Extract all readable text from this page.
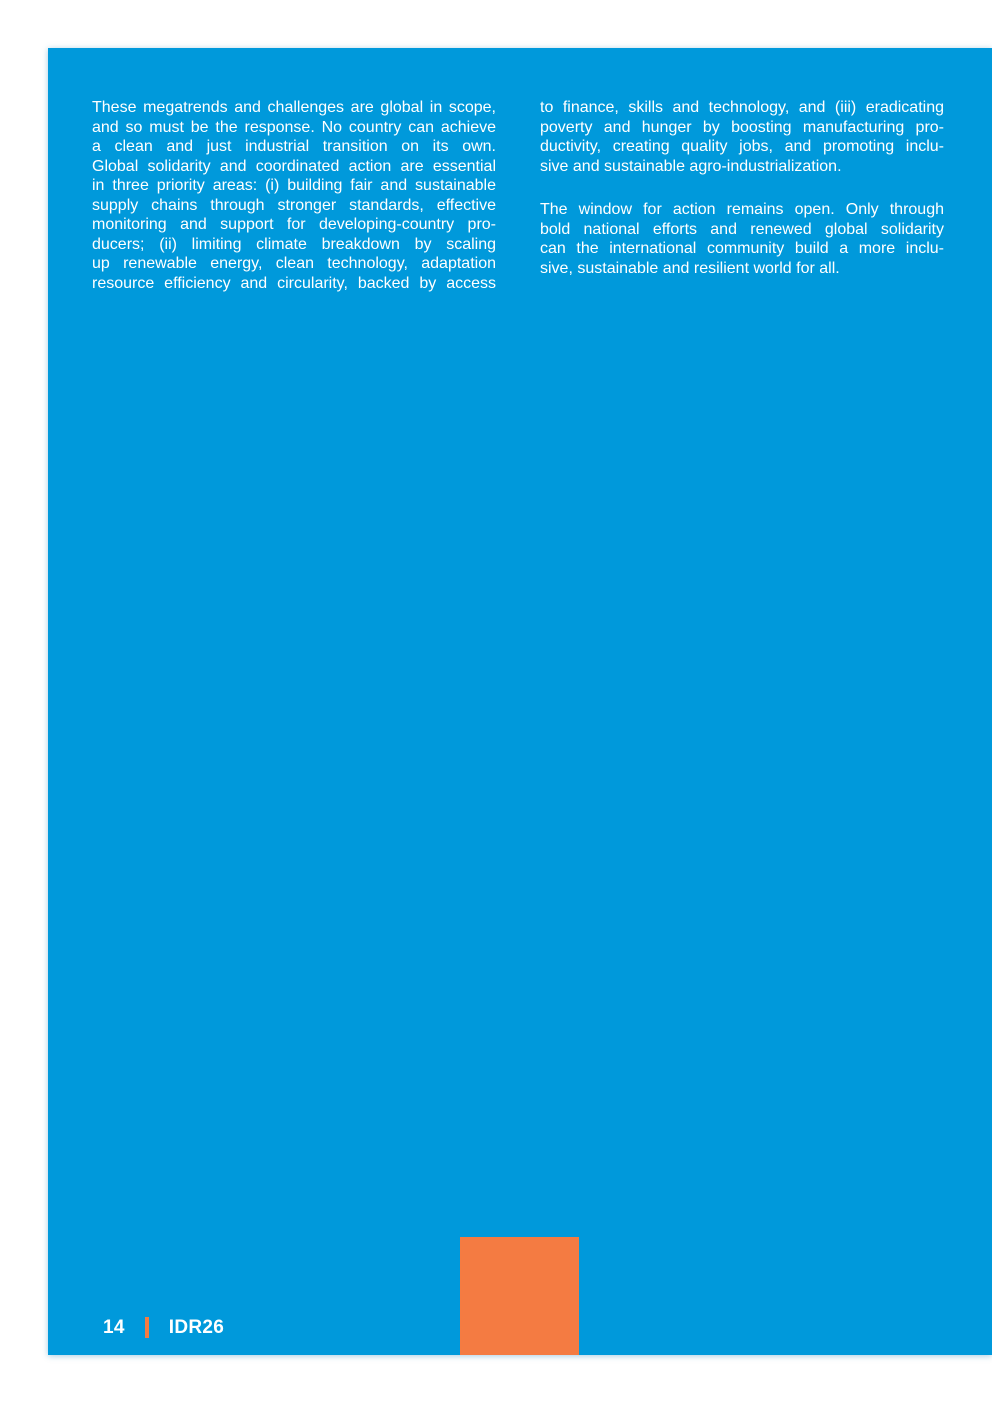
These megatrends and challenges are global in scope,
and so must be the response. No country can achieve
a clean and just industrial transition on its own.
Global solidarity and coordinated action are essential
in three priority areas: (i) building fair and sustainable
supply chains through stronger standards, effective
monitoring and support for developing-country pro-
ducers; (ii) limiting climate breakdown by scaling
up renewable energy, clean technology, adaptation
resource efficiency and circularity, backed by access
to finance, skills and technology, and (iii) eradicating
poverty and hunger by boosting manufacturing pro-
ductivity, creating quality jobs, and promoting inclu-
sive and sustainable agro-industrialization.
The window for action remains open. Only through
bold national efforts and renewed global solidarity
can the international community build a more inclu-
sive, sustainable and resilient world for all.
14 IDR26
